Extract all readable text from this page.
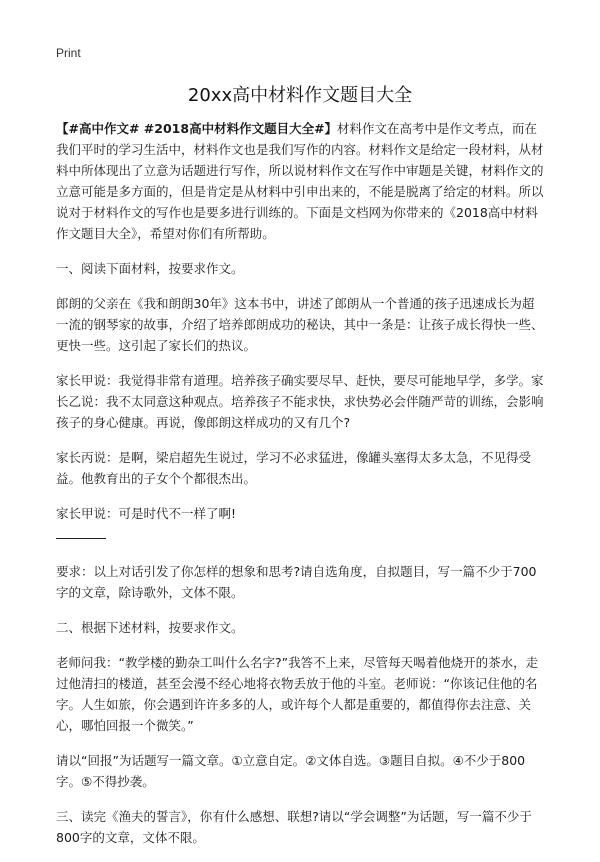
Print
20xx高中材料作文题目大全

【#高中作文# #2018高中材料作文题目大全#】材料作文在高考中是作文考点，而在我们平时的学习生活中，材料作文也是我们写作的内容。材料作文是给定一段材料，从材料中所体现出了立意为话题进行写作，所以说材料作文在写作中审题是关键，材料作文的立意可能是多方面的，但是肯定是从材料中引申出来的，不能是脱离了给定的材料。所以说对于材料作文的写作也是要多进行训练的。下面是文档网为你带来的《2018高中材料作文题目大全》，希望对你们有所帮助。

一、阅读下面材料，按要求作文。

郎朗的父亲在《我和朗朗30年》这本书中，讲述了郎朗从一个普通的孩子迅速成长为超一流的钢琴家的故事，介绍了培养郎朗成功的秘诀，其中一条是：让孩子成长得快一些、更快一些。这引起了家长们的热议。

家长甲说：我觉得非常有道理。培养孩子确实要尽早、赶快，要尽可能地早学，多学。家长乙说：我不太同意这种观点。培养孩子不能求快，求快势必会伴随严苛的训练，会影响孩子的身心健康。再说，像郎朗这样成功的又有几个?

家长丙说：是啊，梁启超先生说过，学习不必求猛进，像罐头塞得太多太急，不见得受益。他教育出的子女个个都很杰出。

家长甲说：可是时代不一样了啊!

要求：以上对话引发了你怎样的想象和思考?请自选角度，自拟题目，写一篇不少于700字的文章，除诗歌外，文体不限。

二、根据下述材料，按要求作文。

老师问我：“教学楼的勤杂工叫什么名字?”我答不上来，尽管每天喝着他烧开的茶水，走过他清扫的楼道，甚至会漫不经心地将衣物丢放于他的斗室。老师说：“你该记住他的名字。人生如旅，你会遇到许许多多的人，或许每个人都是重要的，都值得你去注意、关心，哪怕回报一个微笑。”

请以“回报”为话题写一篇文章。①立意自定。②文体自选。③题目自拟。④不少于800字。⑤不得抄袭。

三、读完《渔夫的誓言》，你有什么感想、联想?请以“学会调整”为话题，写一篇不少于800字的文章，文体不限。
